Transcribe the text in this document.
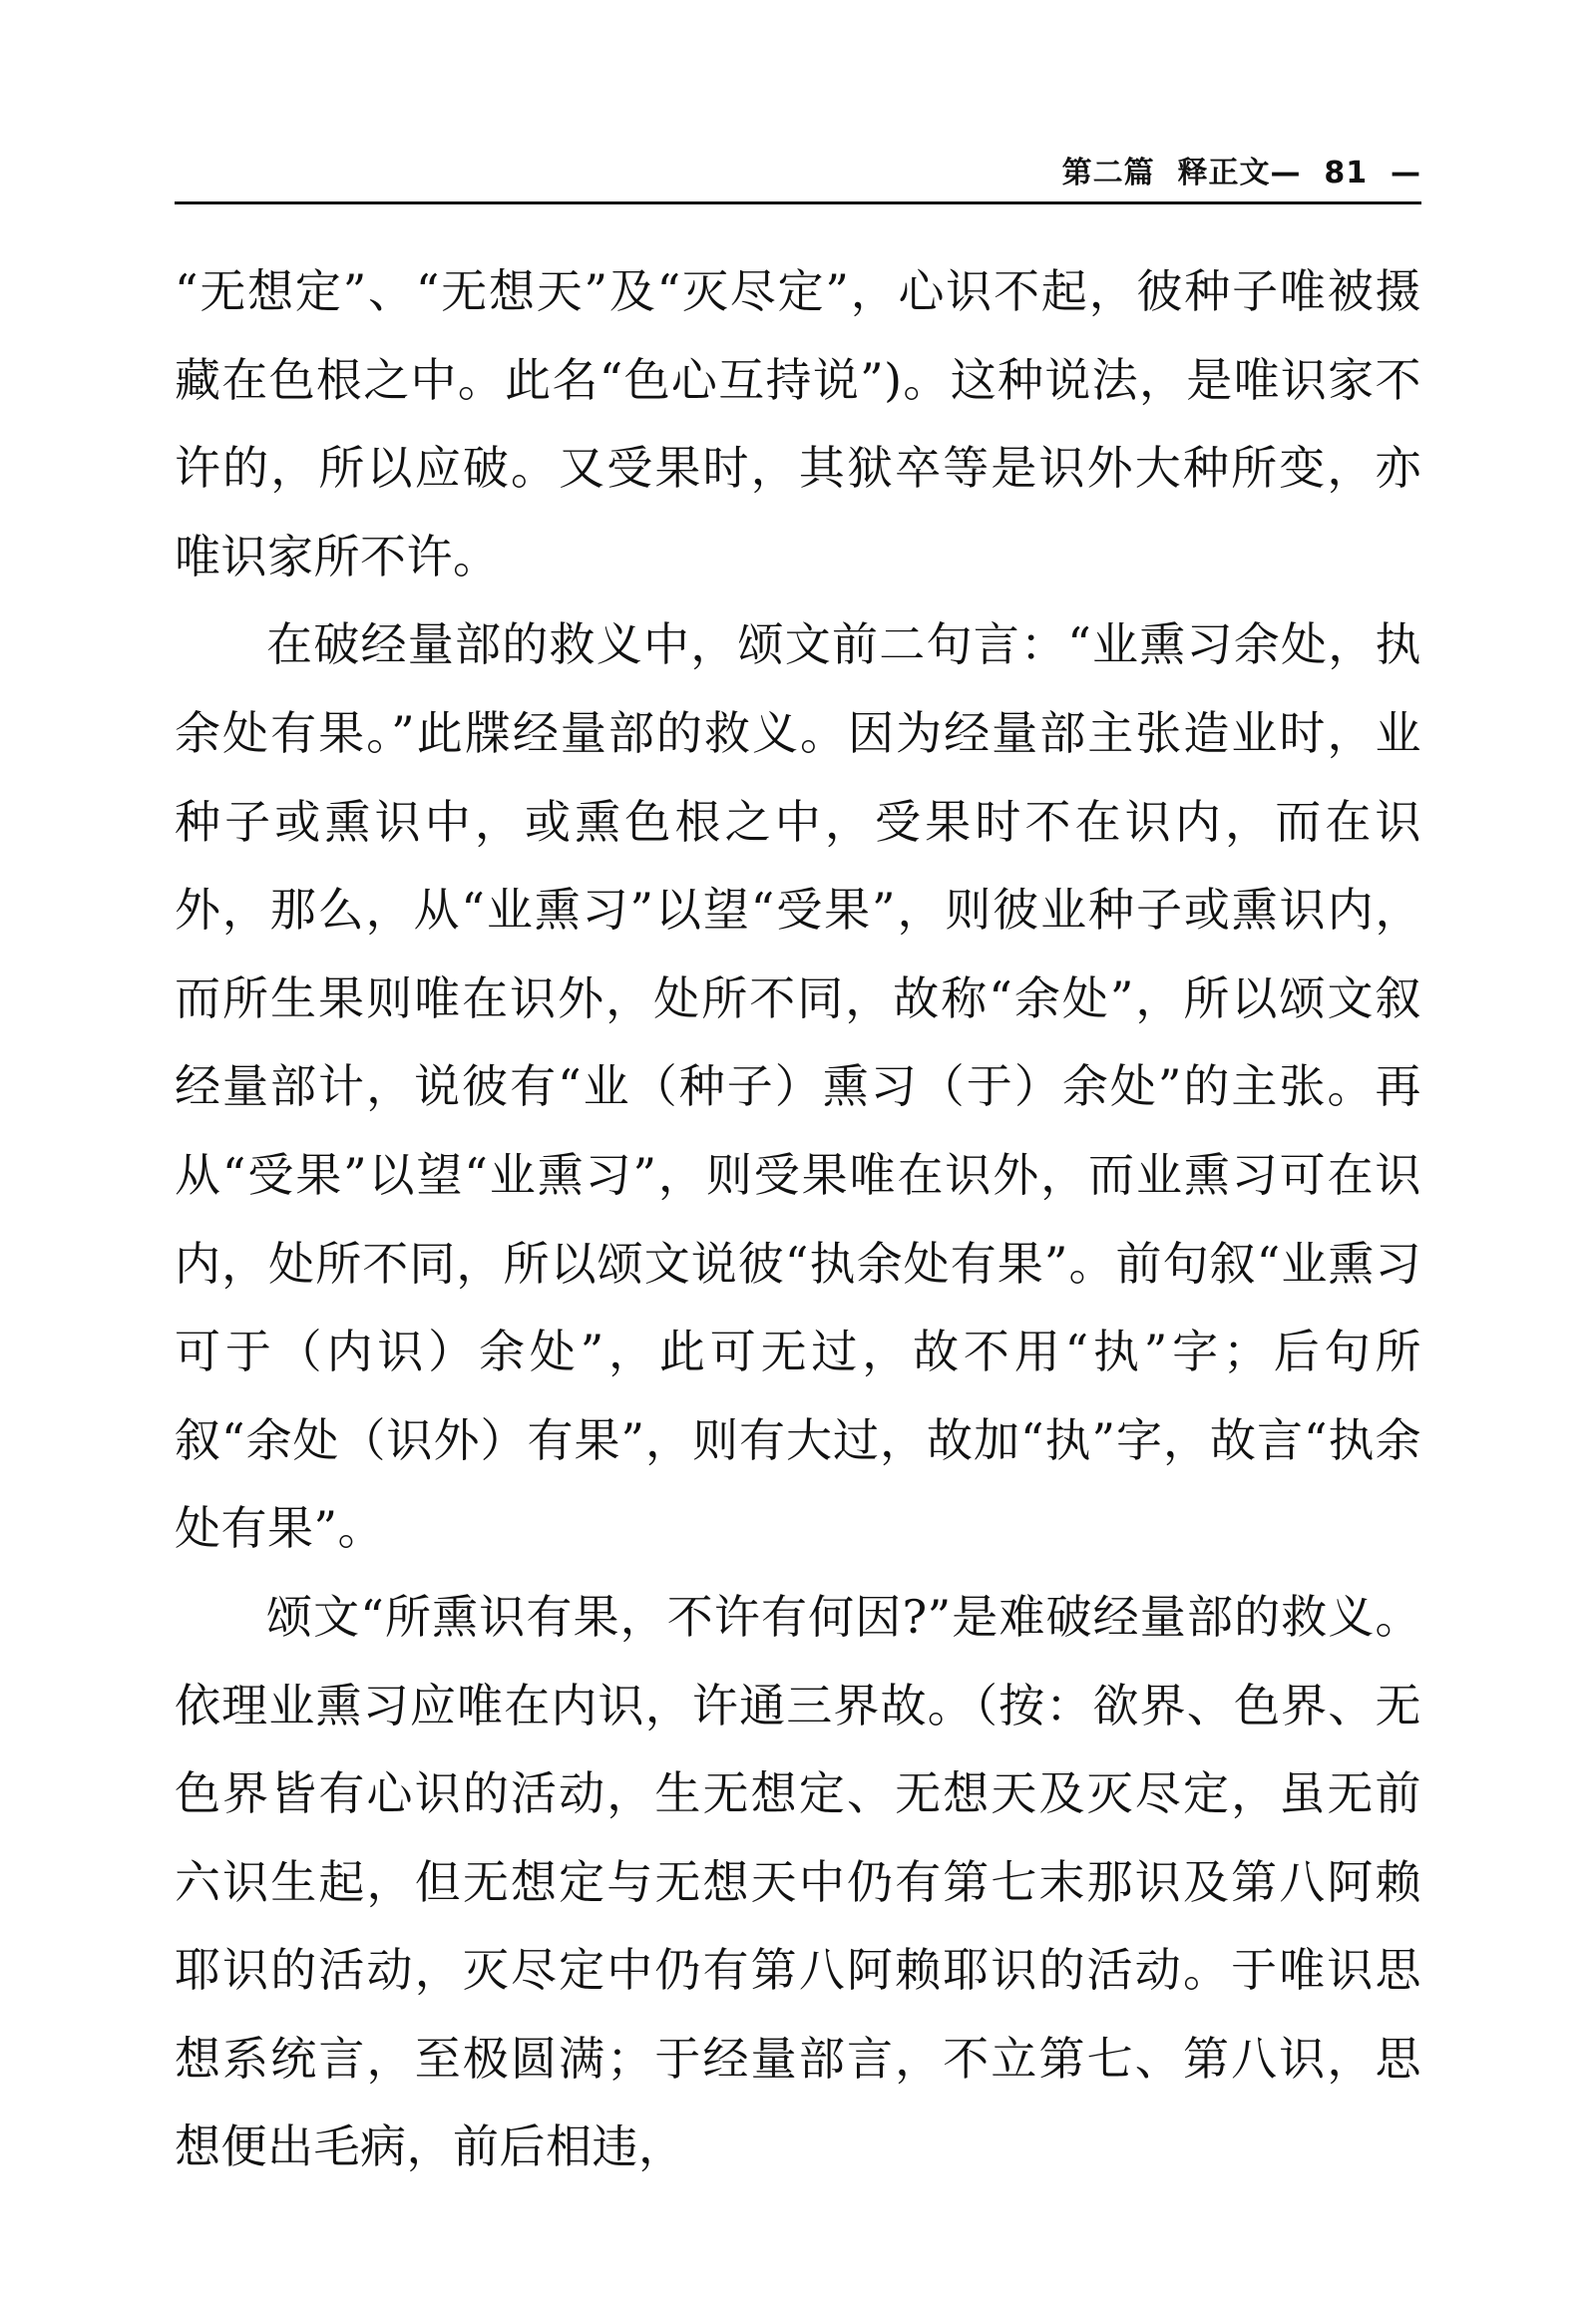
第二篇  释正文—  81  —

“无想定”、“无想天”及“灭尽定”，心识不起，彼种子唯被摄藏在色根之中。此名“色心互持说”)。这种说法，是唯识家不许的，所以应破。又受果时，其狱卒等是识外大种所变，亦唯识家所不许。

在破经量部的救义中，颂文前二句言：“业熏习余处，执余处有果。”此牒经量部的救义。因为经量部主张造业时，业种子或熏识中，或熏色根之中，受果时不在识内，而在识外，那么，从“业熏习”以望“受果”，则彼业种子或熏识内，而所生果则唯在识外，处所不同，故称“余处”，所以颂文叙经量部计，说彼有“业（种子）熏习（于）余处”的主张。再从“受果”以望“业熏习”，则受果唯在识外，而业熏习可在识内，处所不同，所以颂文说彼“执余处有果”。前句叙“业熏习可于（内识）余处”，此可无过，故不用“执”字；后句所叙“余处（识外）有果”，则有大过，故加“执”字，故言“执余处有果”。

颂文“所熏识有果，不许有何因?”是难破经量部的救义。依理业熏习应唯在内识，许通三界故。（按：欲界、色界、无色界皆有心识的活动，生无想定、无想天及灭尽定，虽无前六识生起，但无想定与无想天中仍有第七末那识及第八阿赖耶识的活动，灭尽定中仍有第八阿赖耶识的活动。于唯识思想系统言，至极圆满；于经量部言，不立第七、第八识，思想便出毛病，前后相违，
